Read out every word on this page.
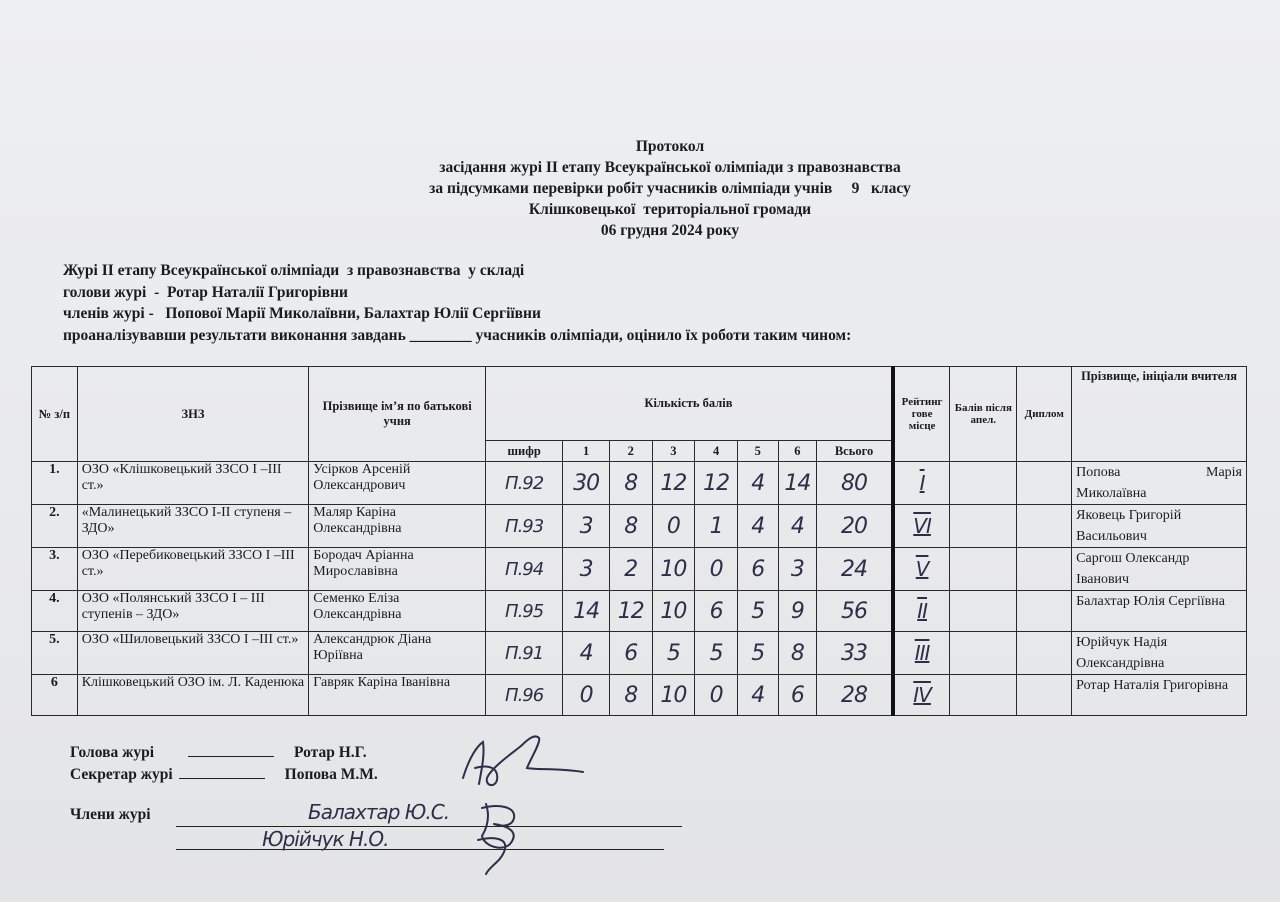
Протокол
засідання журі ІІ етапу Всеукраїнської олімпіади з правознавства
за підсумками перевірки робіт учасників олімпіади учнів     9   класу
Клішковецької  територіальної громади
06 грудня 2024 року
Журі ІІ етапу Всеукраїнської олімпіади  з правознавства  у складі
голови журі  -  Ротар Наталії Григорівни
членів журі -   Попової Марії Миколаївни, Балахтар Юлії Сергіївни
проаналізувавши результати виконання завдань ________ учасників олімпіади, оцінило їх роботи таким чином:
№ з/п	ЗНЗ	Прізвище ім’я по батькові учня	Кількість балів								Рейтинг гове місце	Балів після апел.	Диплом	Прізвище, ініціали вчителя
			шифр	1	2	3	4	5	6	Всього				
1.	ОЗО «Клішковецький ЗЗСО І –ІІІ ст.»	Усірков Арсеній Олександрович	П.92	30	8	12	12	4	14	80	I			Попова Марія
Миколаївна

2.	«Малинецький ЗЗСО І-ІІ ступеня – ЗДО»	Маляр Каріна Олександрівна	П.93	3	8	0	1	4	4	20	VI			Яковець Григорій Васильович
3.	ОЗО «Перебиковецький ЗЗСО І –ІІІ ст.»	Бородач Аріанна Мирославівна	П.94	3	2	10	0	6	3	24	V			Саргош Олександр Іванович
4.	ОЗО «Полянський ЗЗСО І – ІІІ ступенів – ЗДО»	Семенко Еліза Олександрівна	П.95	14	12	10	6	5	9	56	II			Балахтар Юлія Сергіївна
5.	ОЗО «Шиловецький ЗЗСО І –ІІІ ст.»	Александрюк Діана Юріївна	П.91	4	6	5	5	5	8	33	III			Юрійчук Надія Олександрівна
6	Клішковецький ОЗО ім. Л. Каденюка	Гавряк Каріна Іванівна	П.96	0	8	10	0	4	6	28	IV			Ротар Наталія Григорівна
Голова журі	Ротар Н.Г.
Секретар журі	Попова М.М.
Члени журі	Балахтар Ю.С.
Юрійчук Н.О.
